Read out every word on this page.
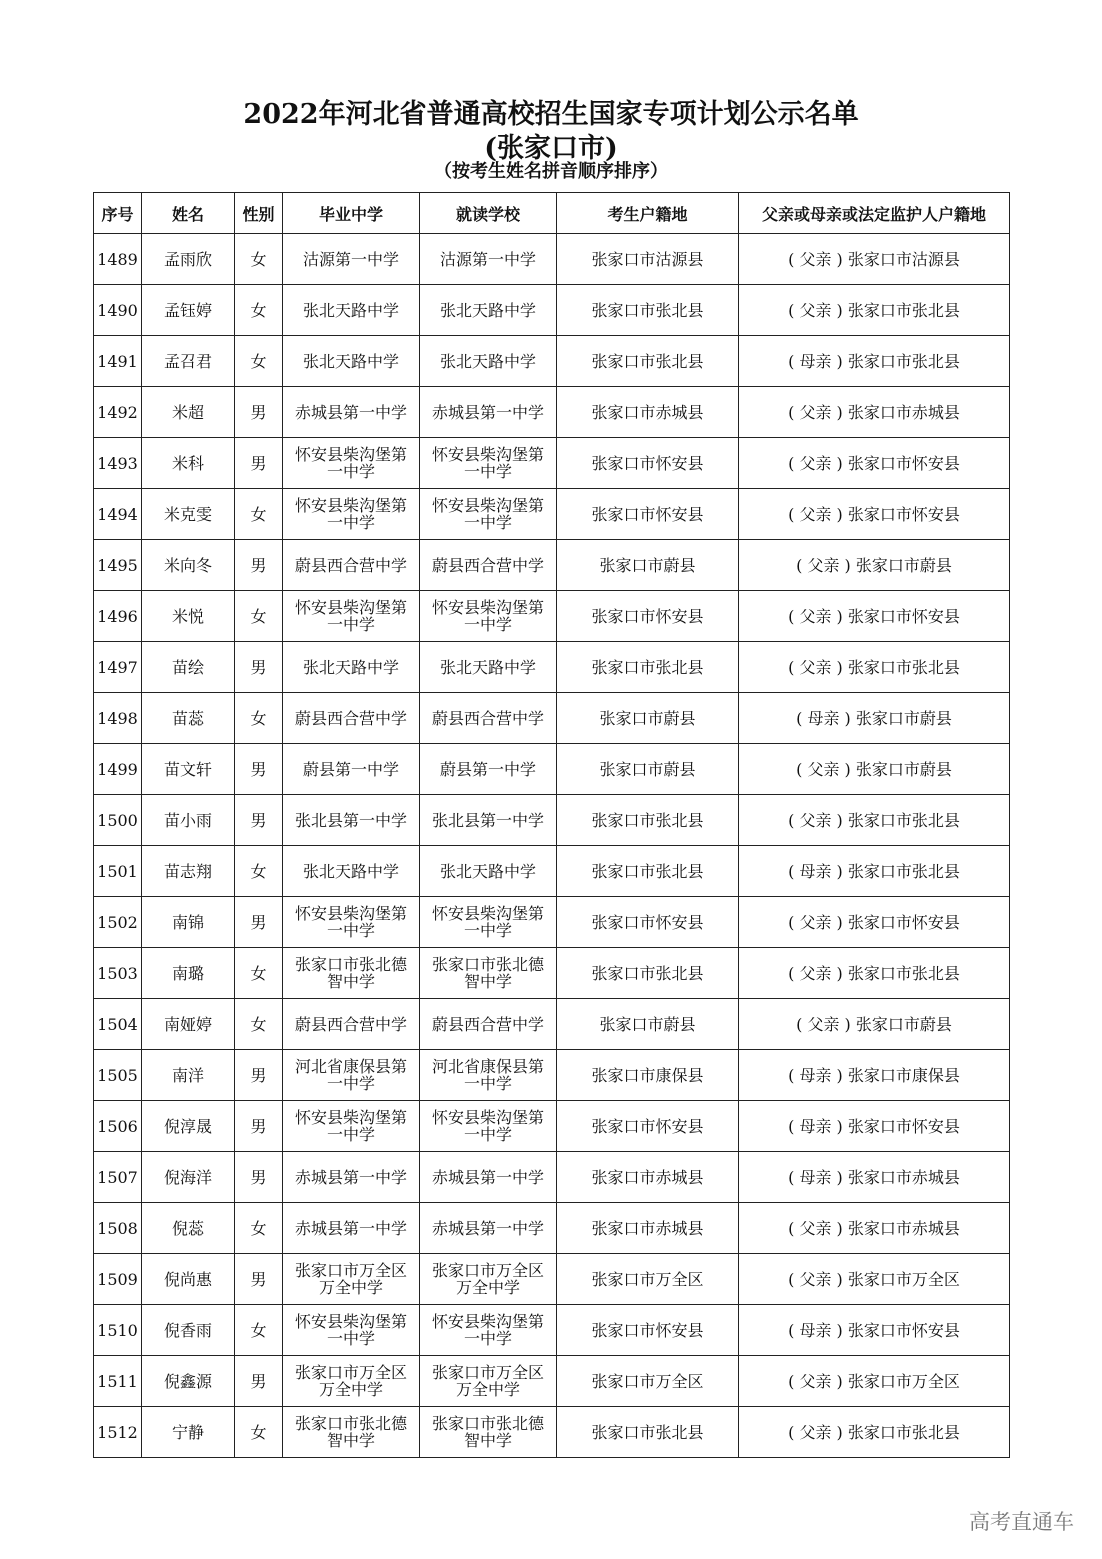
2022年河北省普通高校招生国家专项计划公示名单
(张家口市)
（按考生姓名拼音顺序排序）
序号	姓名	性别	毕业中学	就读学校	考生户籍地	父亲或母亲或法定监护人户籍地
1489	孟雨欣	女	沽源第一中学	沽源第一中学	张家口市沽源县	( 父亲 ) 张家口市沽源县
1490	孟钰婷	女	张北天路中学	张北天路中学	张家口市张北县	( 父亲 ) 张家口市张北县
1491	孟召君	女	张北天路中学	张北天路中学	张家口市张北县	( 母亲 ) 张家口市张北县
1492	米超	男	赤城县第一中学	赤城县第一中学	张家口市赤城县	( 父亲 ) 张家口市赤城县
1493	米科	男	怀安县柴沟堡第一中学	怀安县柴沟堡第一中学	张家口市怀安县	( 父亲 ) 张家口市怀安县
1494	米克雯	女	怀安县柴沟堡第一中学	怀安县柴沟堡第一中学	张家口市怀安县	( 父亲 ) 张家口市怀安县
1495	米向冬	男	蔚县西合营中学	蔚县西合营中学	张家口市蔚县	( 父亲 ) 张家口市蔚县
1496	米悦	女	怀安县柴沟堡第一中学	怀安县柴沟堡第一中学	张家口市怀安县	( 父亲 ) 张家口市怀安县
1497	苗绘	男	张北天路中学	张北天路中学	张家口市张北县	( 父亲 ) 张家口市张北县
1498	苗蕊	女	蔚县西合营中学	蔚县西合营中学	张家口市蔚县	( 母亲 ) 张家口市蔚县
1499	苗文轩	男	蔚县第一中学	蔚县第一中学	张家口市蔚县	( 父亲 ) 张家口市蔚县
1500	苗小雨	男	张北县第一中学	张北县第一中学	张家口市张北县	( 父亲 ) 张家口市张北县
1501	苗志翔	女	张北天路中学	张北天路中学	张家口市张北县	( 母亲 ) 张家口市张北县
1502	南锦	男	怀安县柴沟堡第一中学	怀安县柴沟堡第一中学	张家口市怀安县	( 父亲 ) 张家口市怀安县
1503	南璐	女	张家口市张北德智中学	张家口市张北德智中学	张家口市张北县	( 父亲 ) 张家口市张北县
1504	南娅婷	女	蔚县西合营中学	蔚县西合营中学	张家口市蔚县	( 父亲 ) 张家口市蔚县
1505	南洋	男	河北省康保县第一中学	河北省康保县第一中学	张家口市康保县	( 母亲 ) 张家口市康保县
1506	倪淳晟	男	怀安县柴沟堡第一中学	怀安县柴沟堡第一中学	张家口市怀安县	( 母亲 ) 张家口市怀安县
1507	倪海洋	男	赤城县第一中学	赤城县第一中学	张家口市赤城县	( 母亲 ) 张家口市赤城县
1508	倪蕊	女	赤城县第一中学	赤城县第一中学	张家口市赤城县	( 父亲 ) 张家口市赤城县
1509	倪尚惠	男	张家口市万全区万全中学	张家口市万全区万全中学	张家口市万全区	( 父亲 ) 张家口市万全区
1510	倪香雨	女	怀安县柴沟堡第一中学	怀安县柴沟堡第一中学	张家口市怀安县	( 母亲 ) 张家口市怀安县
1511	倪鑫源	男	张家口市万全区万全中学	张家口市万全区万全中学	张家口市万全区	( 父亲 ) 张家口市万全区
1512	宁静	女	张家口市张北德智中学	张家口市张北德智中学	张家口市张北县	( 父亲 ) 张家口市张北县
高考直通车
